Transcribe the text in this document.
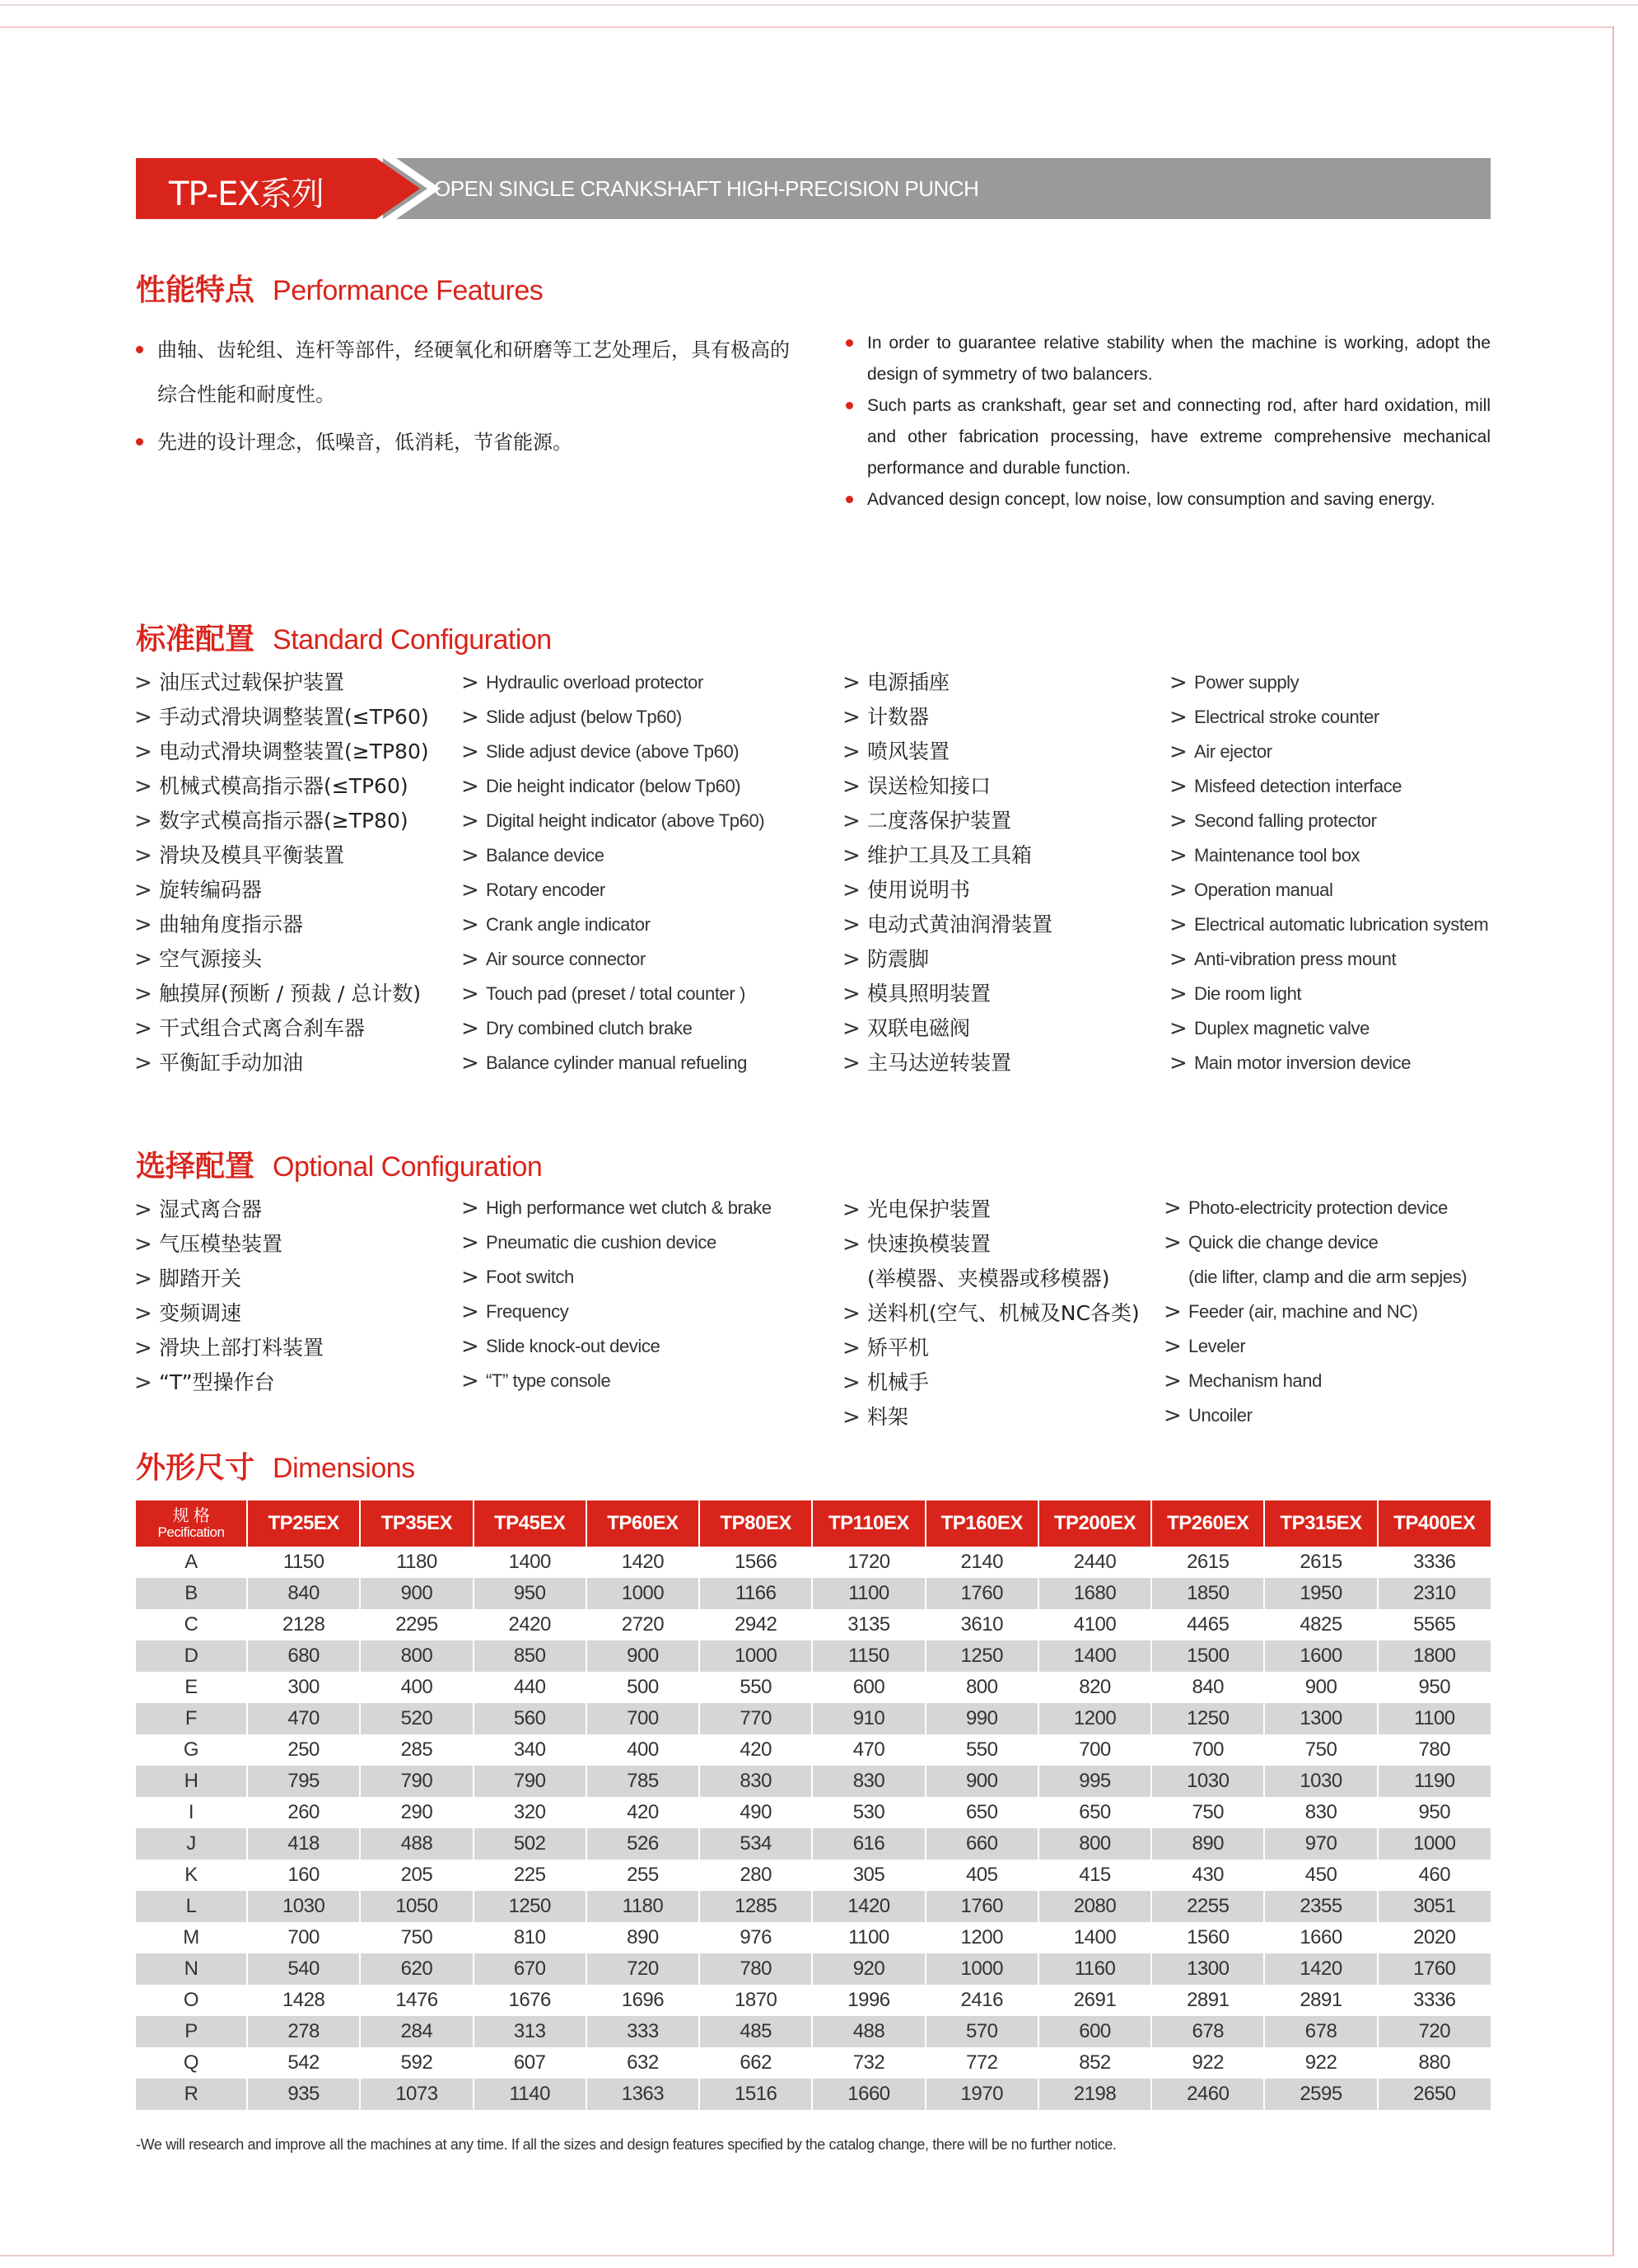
TP-EX系列	OPEN SINGLE CRANKSHAFT HIGH-PRECISION PUNCH
性能特点 Performance Features
曲轴、齿轮组、连杆等部件，经硬氧化和研磨等工艺处理后，具有极高的综合性能和耐度性。
先进的设计理念，低噪音，低消耗，节省能源。
In order to guarantee relative stability when the machine is working, adopt the design of symmetry of two balancers.
Such parts as crankshaft, gear set and connecting rod, after hard oxidation, mill and other fabrication processing, have extreme comprehensive mechanical performance and durable function.
Advanced design concept, low noise, low consumption and saving energy.
标准配置 Standard Configuration
> 油压式过载保护装置
> 手动式滑块调整装置(≤TP60)
> 电动式滑块调整装置(≥TP80)
> 机械式模高指示器(≤TP60)
> 数字式模高指示器(≥TP80)
> 滑块及模具平衡装置
> 旋转编码器
> 曲轴角度指示器
> 空气源接头
> 触摸屏(预断 / 预裁 / 总计数)
> 干式组合式离合刹车器
> 平衡缸手动加油
> Hydraulic overload protector
> Slide adjust (below Tp60)
> Slide adjust device (above Tp60)
> Die height indicator (below Tp60)
> Digital height indicator (above Tp60)
> Balance device
> Rotary encoder
> Crank angle indicator
> Air source connector
> Touch pad (preset / total counter )
> Dry combined clutch brake
> Balance cylinder manual refueling
> 电源插座
> 计数器
> 喷风装置
> 误送检知接口
> 二度落保护装置
> 维护工具及工具箱
> 使用说明书
> 电动式黄油润滑装置
> 防震脚
> 模具照明装置
> 双联电磁阀
> 主马达逆转装置
> Power supply
> Electrical stroke counter
> Air ejector
> Misfeed detection interface
> Second falling protector
> Maintenance tool box
> Operation manual
> Electrical automatic lubrication system
> Anti-vibration press mount
> Die room light
> Duplex magnetic valve
> Main motor inversion device
选择配置 Optional Configuration
> 湿式离合器
> 气压模垫装置
> 脚踏开关
> 变频调速
> 滑块上部打料装置
> “T”型操作台
> High performance wet clutch & brake
> Pneumatic die cushion device
> Foot switch
> Frequency
> Slide knock-out device
> “T” type console
> 光电保护装置
> 快速换模装置
(举模器、夹模器或移模器)
> 送料机(空气、机械及NC各类)
> 矫平机
> 机械手
> 料架
> Photo-electricity protection device
> Quick die change device
(die lifter, clamp and die arm sepjes)
> Feeder (air, machine and NC)
> Leveler
> Mechanism hand
> Uncoiler
外形尺寸 Dimensions
规 格
Pecification	TP25EX	TP35EX	TP45EX	TP60EX	TP80EX	TP110EX	TP160EX	TP200EX	TP260EX	TP315EX	TP400EX
A	1150	1180	1400	1420	1566	1720	2140	2440	2615	2615	3336
B	840	900	950	1000	1166	1100	1760	1680	1850	1950	2310
C	2128	2295	2420	2720	2942	3135	3610	4100	4465	4825	5565
D	680	800	850	900	1000	1150	1250	1400	1500	1600	1800
E	300	400	440	500	550	600	800	820	840	900	950
F	470	520	560	700	770	910	990	1200	1250	1300	1100
G	250	285	340	400	420	470	550	700	700	750	780
H	795	790	790	785	830	830	900	995	1030	1030	1190
I	260	290	320	420	490	530	650	650	750	830	950
J	418	488	502	526	534	616	660	800	890	970	1000
K	160	205	225	255	280	305	405	415	430	450	460
L	1030	1050	1250	1180	1285	1420	1760	2080	2255	2355	3051
M	700	750	810	890	976	1100	1200	1400	1560	1660	2020
N	540	620	670	720	780	920	1000	1160	1300	1420	1760
O	1428	1476	1676	1696	1870	1996	2416	2691	2891	2891	3336
P	278	284	313	333	485	488	570	600	678	678	720
Q	542	592	607	632	662	732	772	852	922	922	880
R	935	1073	1140	1363	1516	1660	1970	2198	2460	2595	2650
-We will research and improve all the machines at any time. If all the sizes and design features specified by the catalog change, there will be no further notice.
